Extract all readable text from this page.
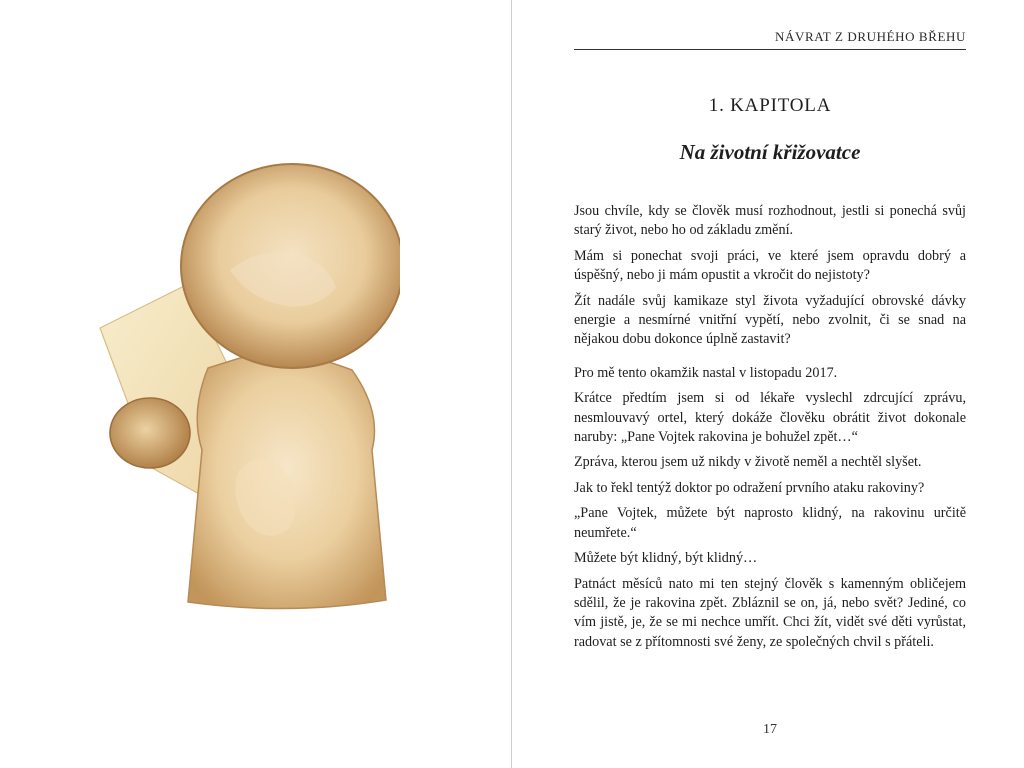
NÁVRAT Z DRUHÉHO BŘEHU
1. KAPITOLA
Na životní křižovatce

Jsou chvíle, kdy se člověk musí rozhodnout, jestli si ponechá svůj starý život, nebo ho od základu změní.

Mám si ponechat svoji práci, ve které jsem opravdu dobrý a úspěšný, nebo ji mám opustit a vkročit do nejistoty?

Žít nadále svůj kamikaze styl života vyžadující obrovské dávky energie a nesmírné vnitřní vypětí, nebo zvolnit, či se snad na nějakou dobu dokonce úplně zastavit?

Pro mě tento okamžik nastal v listopadu 2017.

Krátce předtím jsem si od lékaře vyslechl zdrcující zprávu, nesmlouvavý ortel, který dokáže člověku obrátit život dokonale naruby: „Pane Vojtek rakovina je bohužel zpět…“

Zpráva, kterou jsem už nikdy v životě neměl a nechtěl slyšet.

Jak to řekl tentýž doktor po odražení prvního ataku rakoviny?

„Pane Vojtek, můžete být naprosto klidný, na rakovinu určitě neumřete.“

Můžete být klidný, být klidný…

Patnáct měsíců nato mi ten stejný člověk s kamenným obličejem sdělil, že je rakovina zpět. Zbláznil se on, já, nebo svět? Jediné, co vím jistě, je, že se mi nechce umřít. Chci žít, vidět své děti vyrůstat, radovat se z přítomnosti své ženy, ze společných chvil s přáteli.

17
